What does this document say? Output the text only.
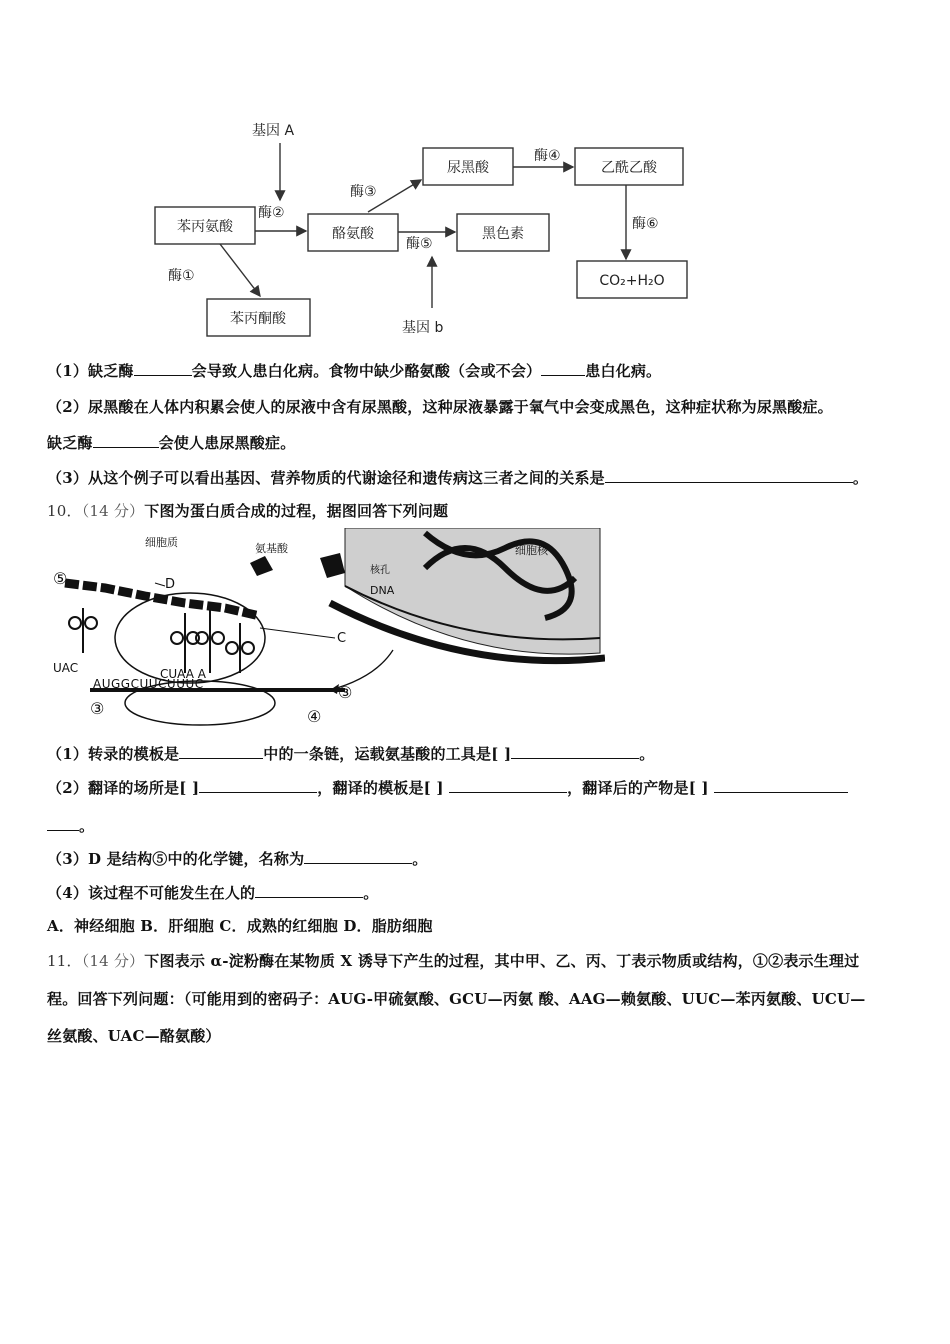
基因 A
苯丙氨酸
酶②
酶①
苯丙酮酸
酪氨酸
酶③
尿黑酸
酶④
乙酰乙酸
酶⑥
CO₂+H₂O
酶⑤
黑色素
基因 b
（1）缺乏酶	会导致人患白化病。食物中缺少酪氨酸（会或不会）	患白化病。
（2）尿黑酸在人体内积累会使人的尿液中含有尿黑酸，这种尿液暴露于氧气中会变成黑色，这种症状称为尿黑酸症。
缺乏酶	会使人患尿黑酸症。
（3）从这个例子可以看出基因、营养物质的代谢途径和遗传病这三者之间的关系是	。
10．（14 分）下图为蛋白质合成的过程，据图回答下列问题
细胞质	氨基酸	细胞核
核孔
DNA
⑤	D
C
UAC	CUAA A
AUGGCUUCUUUC	③
③	④
（1）转录的模板是	中的一条链，运载氨基酸的工具是[ ]	。
（2）翻译的场所是[ ]	，翻译的模板是[ ]	，翻译后的产物是[ ]
。
（3）D 是结构⑤中的化学键，名称为	。
（4）该过程不可能发生在人的	。
A．神经细胞 B．肝细胞 C．成熟的红细胞 D．脂肪细胞
11．（14 分）下图表示 α-淀粉酶在某物质 X 诱导下产生的过程，其中甲、乙、丙、丁表示物质或结构，①②表示生理过
程。回答下列问题：（可能用到的密码子：AUG-甲硫氨酸、GCU—丙氨 酸、AAG—赖氨酸、UUC—苯丙氨酸、UCU—
丝氨酸、UAC—酪氨酸）
